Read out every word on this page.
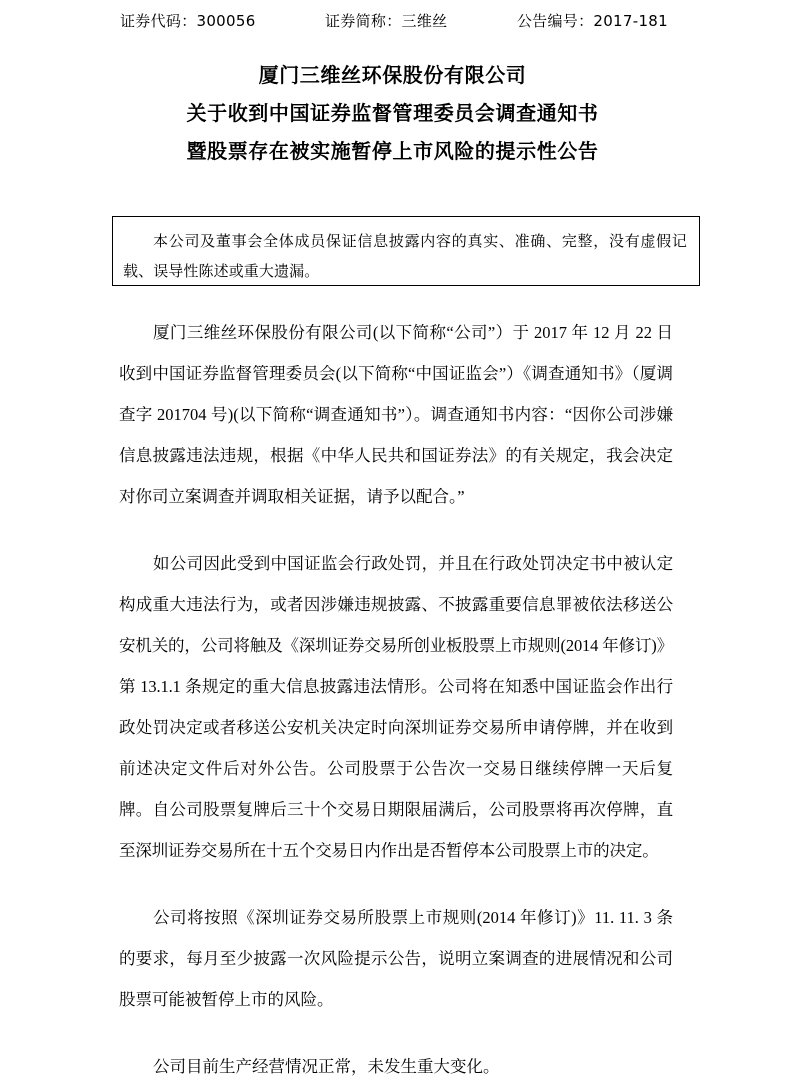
证券代码：300056	证券简称：三维丝	公告编号：2017-181
厦门三维丝环保股份有限公司
关于收到中国证券监督管理委员会调查通知书
暨股票存在被实施暂停上市风险的提示性公告
本公司及董事会全体成员保证信息披露内容的真实、准确、完整，没有虚假记载、误导性陈述或重大遗漏。

厦门三维丝环保股份有限公司(以下简称“公司”）于 2017 年 12 月 22 日收到中国证券监督管理委员会(以下简称“中国证监会”）《调查通知书》（厦调查字 201704 号)(以下简称“调查通知书”）。调查通知书内容：“因你公司涉嫌信息披露违法违规，根据《中华人民共和国证券法》的有关规定，我会决定对你司立案调查并调取相关证据，请予以配合。”

如公司因此受到中国证监会行政处罚，并且在行政处罚决定书中被认定构成重大违法行为，或者因涉嫌违规披露、不披露重要信息罪被依法移送公安机关的，公司将触及《深圳证券交易所创业板股票上市规则(2014 年修订)》第 13.1.1 条规定的重大信息披露违法情形。公司将在知悉中国证监会作出行政处罚决定或者移送公安机关决定时向深圳证券交易所申请停牌，并在收到前述决定文件后对外公告。公司股票于公告次一交易日继续停牌一天后复牌。自公司股票复牌后三十个交易日期限届满后，公司股票将再次停牌，直至深圳证券交易所在十五个交易日内作出是否暂停本公司股票上市的决定。

公司将按照《深圳证券交易所股票上市规则(2014 年修订)》11. 11. 3 条的要求，每月至少披露一次风险提示公告，说明立案调查的进展情况和公司股票可能被暂停上市的风险。

公司目前生产经营情况正常，未发生重大变化。
